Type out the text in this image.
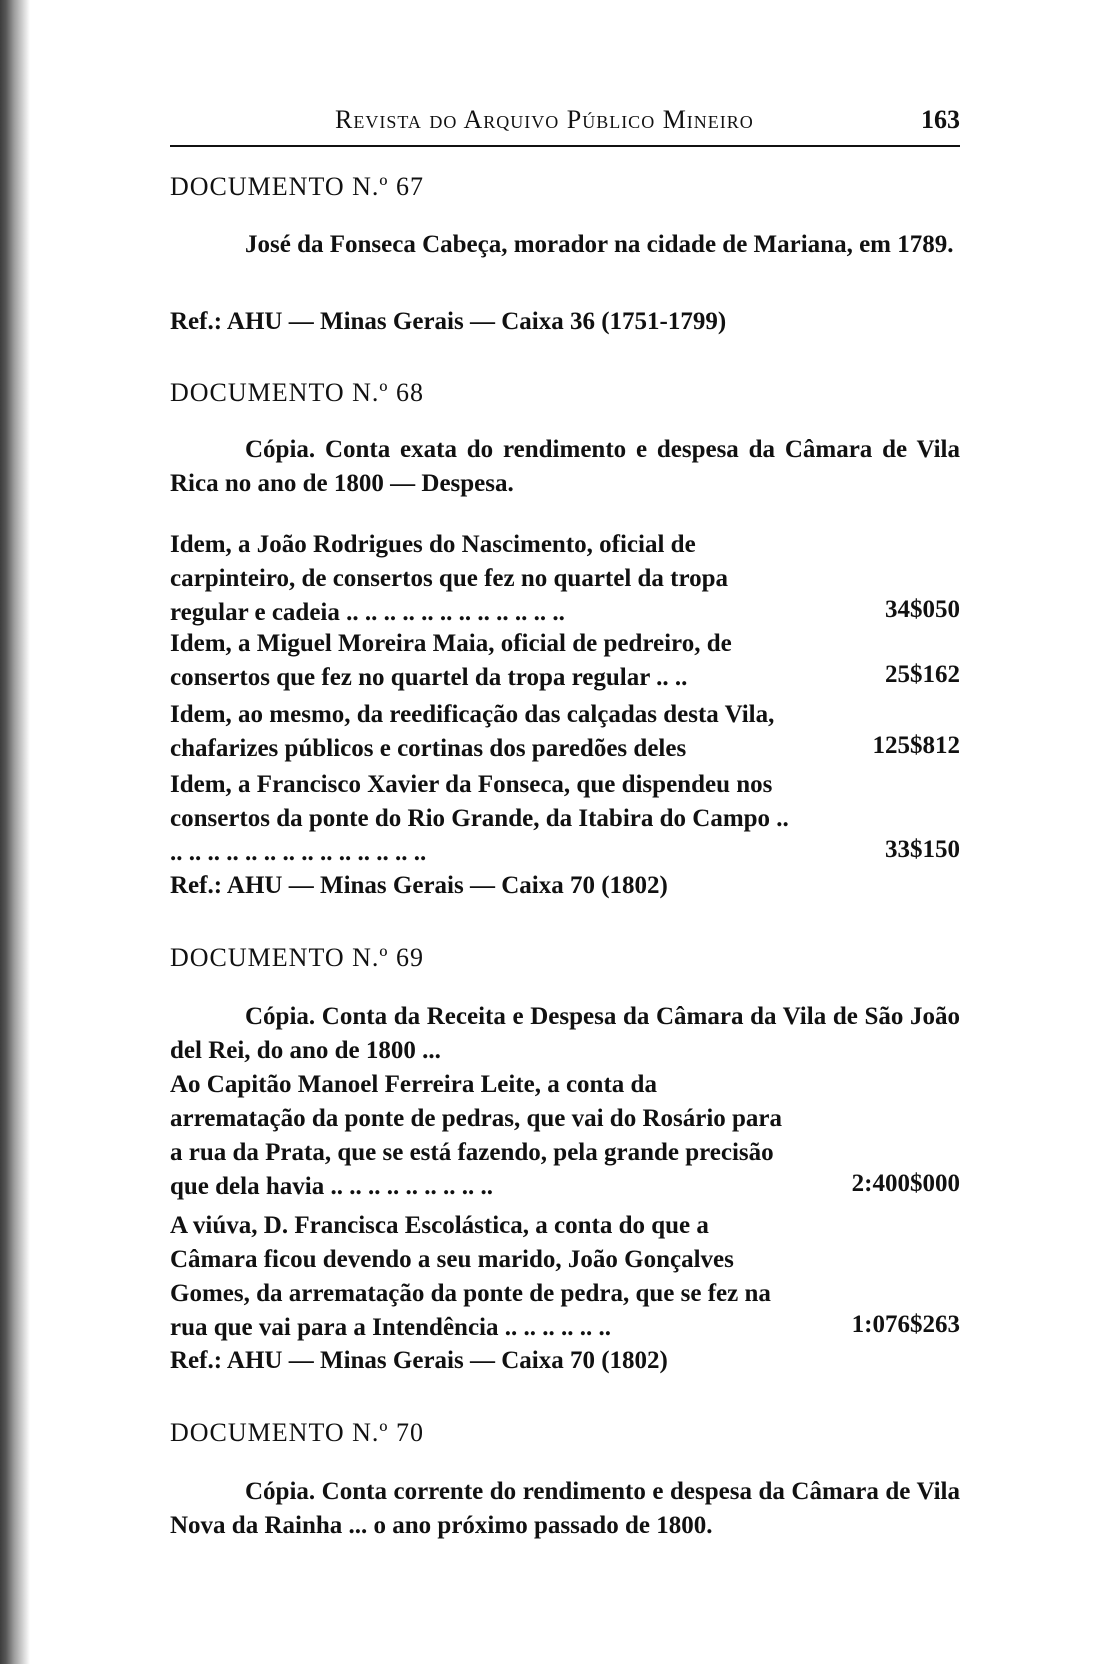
Revista do Arquivo Público Mineiro	163
DOCUMENTO N.º 67
José da Fonseca Cabeça, morador na cidade de Mariana, em 1789.
Ref.: AHU — Minas Gerais — Caixa 36 (1751-1799)
DOCUMENTO N.º 68
Cópia. Conta exata do rendimento e despesa da Câmara de Vila Rica no ano de 1800 — Despesa.
Idem, a João Rodrigues do Nascimento, oficial de carpinteiro, de consertos que fez no quartel da tropa regular e cadeia .. .. .. .. .. .. .. .. .. .. .. ..	34$050
Idem, a Miguel Moreira Maia, oficial de pedreiro, de consertos que fez no quartel da tropa regular .. ..	25$162
Idem, ao mesmo, da reedificação das calçadas desta Vila, chafarizes públicos e cortinas dos paredões deles	125$812
Idem, a Francisco Xavier da Fonseca, que dispendeu nos consertos da ponte do Rio Grande, da Itabira do Campo .. .. .. .. .. .. .. .. .. .. .. .. .. .. ..	33$150
Ref.: AHU — Minas Gerais — Caixa 70 (1802)
DOCUMENTO N.º 69
Cópia. Conta da Receita e Despesa da Câmara da Vila de São João del Rei, do ano de 1800 ...
Ao Capitão Manoel Ferreira Leite, a conta da arrematação da ponte de pedras, que vai do Rosário para a rua da Prata, que se está fazendo, pela grande precisão que dela havia .. .. .. .. .. .. .. .. ..	2:400$000
A viúva, D. Francisca Escolástica, a conta do que a Câmara ficou devendo a seu marido, João Gonçalves Gomes, da arrematação da ponte de pedra, que se fez na rua que vai para a Intendência .. .. .. .. .. ..	1:076$263
Ref.: AHU — Minas Gerais — Caixa 70 (1802)
DOCUMENTO N.º 70
Cópia. Conta corrente do rendimento e despesa da Câmara de Vila Nova da Rainha ... o ano próximo passado de 1800.
